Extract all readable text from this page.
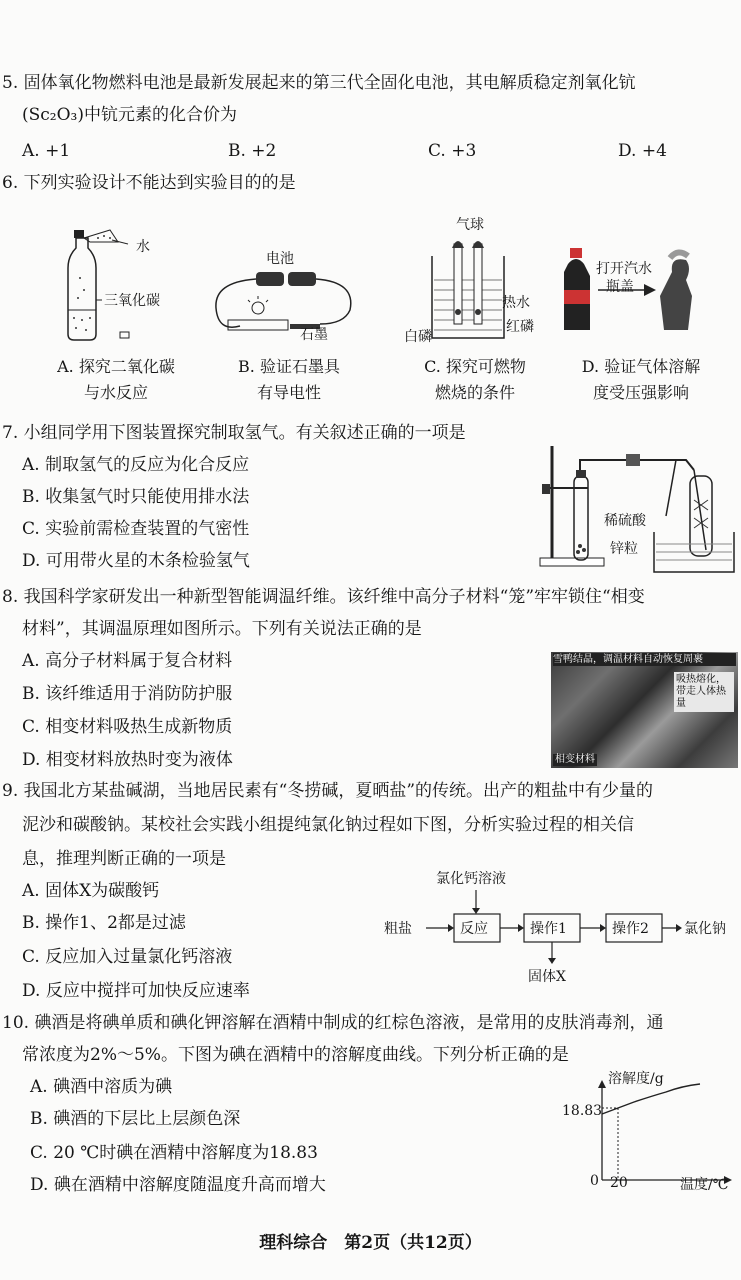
5. 固体氧化物燃料电池是最新发展起来的第三代全固化电池，其电解质稳定剂氧化钪
(Sc₂O₃)中钪元素的化合价为
A. +1	B. +2	C. +3	D. +4
6. 下列实验设计不能达到实验目的的是
水
三氧化碳
电池
石墨
气球
热水
红磷
白磷
打开汽水
瓶盖
A. 探究二氧化碳
与水反应
B. 验证石墨具
有导电性
C. 探究可燃物
燃烧的条件
D. 验证气体溶解
度受压强影响
7. 小组同学用下图装置探究制取氢气。有关叙述正确的一项是
A. 制取氢气的反应为化合反应
B. 收集氢气时只能使用排水法
C. 实验前需检查装置的气密性
D. 可用带火星的木条检验氢气
稀硫酸
锌粒
8. 我国科学家研发出一种新型智能调温纤维。该纤维中高分子材料“笼”牢牢锁住“相变
材料”，其调温原理如图所示。下列有关说法正确的是
A. 高分子材料属于复合材料
B. 该纤维适用于消防防护服
C. 相变材料吸热生成新物质
D. 相变材料放热时变为液体
雪鸭结晶，调温材料自动恢复周裹
吸热熔化，带走人体热量
相变材料
9. 我国北方某盐碱湖，当地居民素有“冬捞碱，夏晒盐”的传统。出产的粗盐中有少量的
泥沙和碳酸钠。某校社会实践小组提纯氯化钠过程如下图，分析实验过程的相关信
息，推理判断正确的一项是
A. 固体X为碳酸钙
B. 操作1、2都是过滤
C. 反应加入过量氯化钙溶液
D. 反应中搅拌可加快反应速率
氯化钙溶液
粗盐	反应	操作1	操作2	氯化钠
固体X
10. 碘酒是将碘单质和碘化钾溶解在酒精中制成的红棕色溶液，是常用的皮肤消毒剂，通
常浓度为2%～5%。下图为碘在酒精中的溶解度曲线。下列分析正确的是
A. 碘酒中溶质为碘
B. 碘酒的下层比上层颜色深
C. 20 ℃时碘在酒精中溶解度为18.83
D. 碘在酒精中溶解度随温度升高而增大
溶解度/g
18.83
0 20	温度/℃
理科综合　第2页（共12页）
